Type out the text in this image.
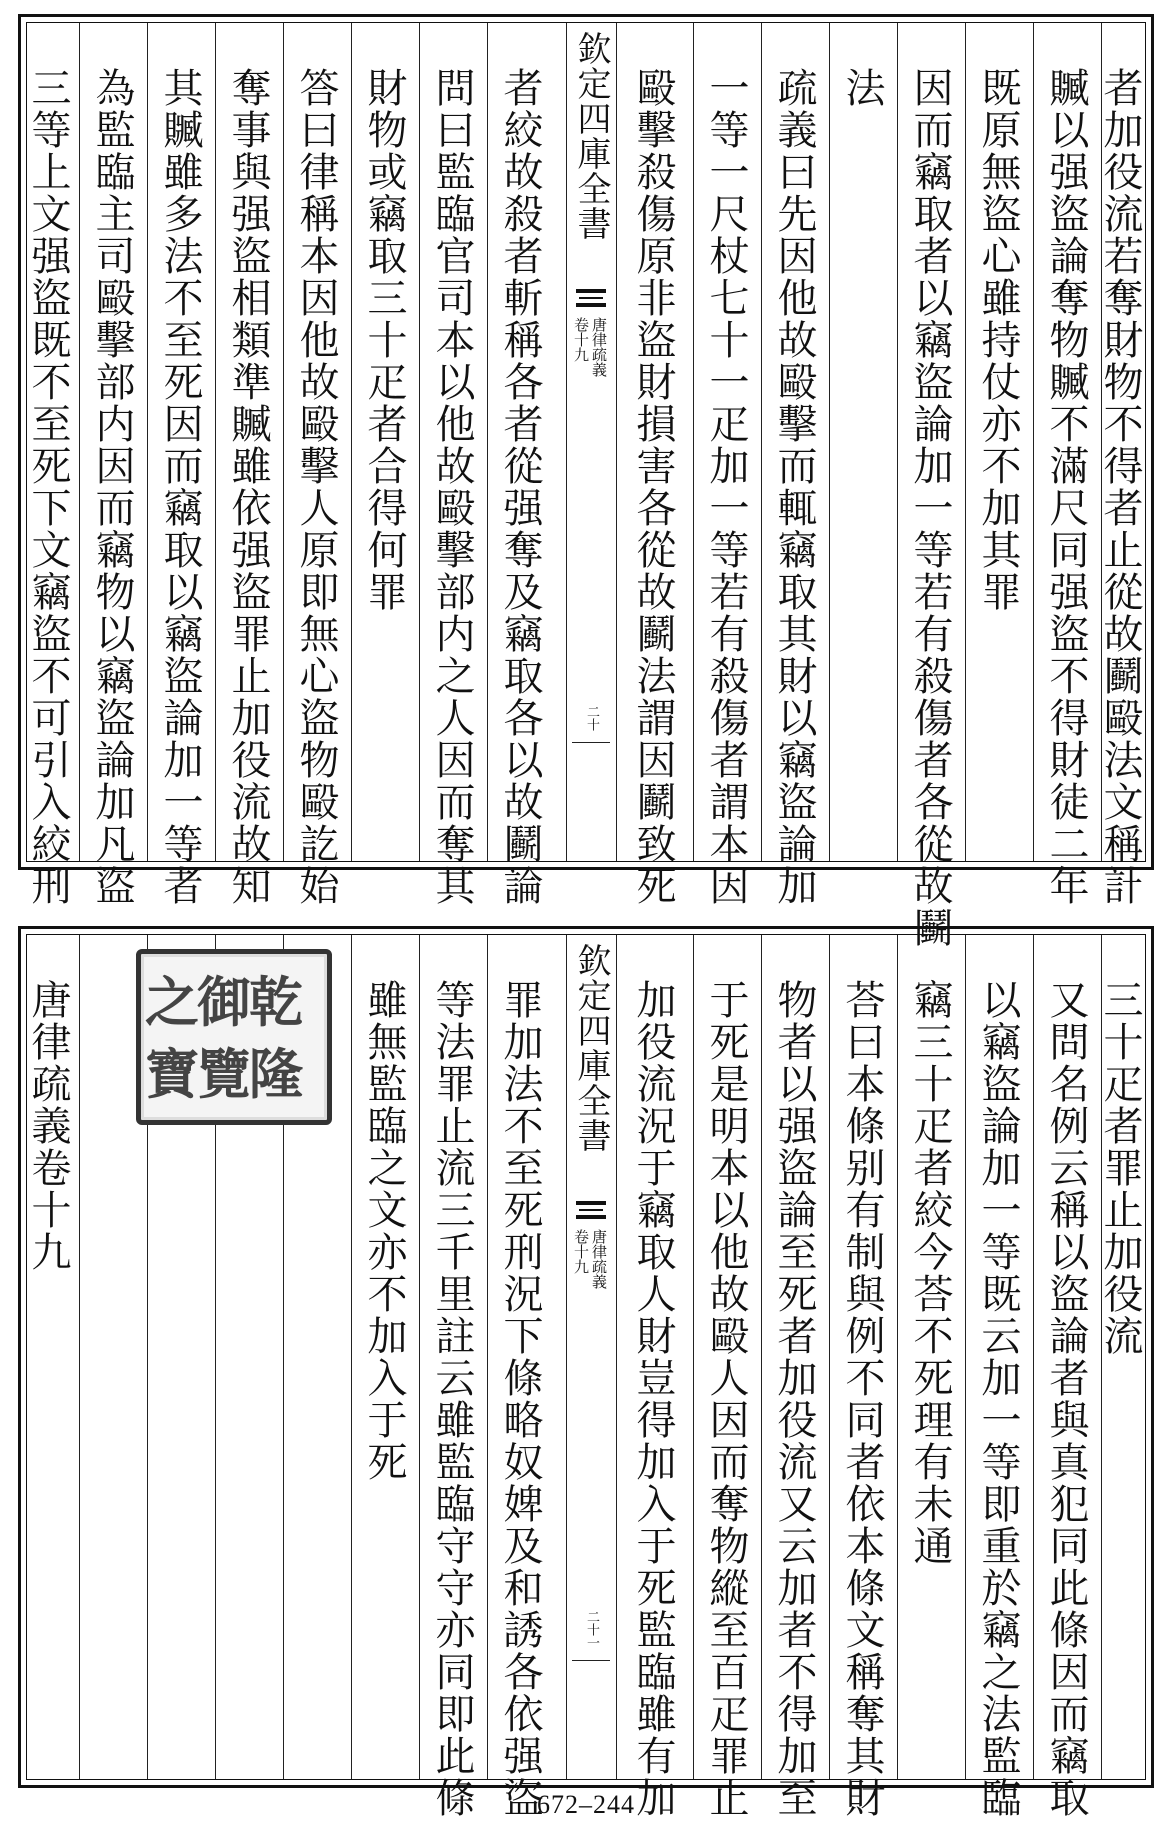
者加役流若奪財物不得者止從故鬬毆法文稱計
贓以强盜論奪物贓不滿尺同强盜不得財徒二年
既原無盜心雖持仗亦不加其罪
因而竊取者以竊盜論加一等若有殺傷者各從故鬬
法
疏義曰先因他故毆擊而輒竊取其財以竊盜論加
一等一尺杖七十一疋加一等若有殺傷者謂本因
毆擊殺傷原非盜財損害各從故鬬法謂因鬬致死
欽定四庫全書
唐律疏義
卷十九
二十
者絞故殺者斬稱各者從强奪及竊取各以故鬬論
問曰監臨官司本以他故毆擊部内之人因而奪其
財物或竊取三十疋者合得何罪
答曰律稱本因他故毆擊人原即無心盜物毆訖始
奪事與强盜相類準贓雖依强盜罪止加役流故知
其贓雖多法不至死因而竊取以竊盜論加一等者
為監臨主司毆擊部内因而竊物以竊盜論加凡盜
三等上文强盜既不至死下文竊盜不可引入絞刑
三十疋者罪止加役流
又問名例云稱以盜論者與真犯同此條因而竊取
以竊盜論加一等既云加一等即重於竊之法監臨
竊三十疋者絞今荅不死理有未通
荅曰本條别有制與例不同者依本條文稱奪其財
物者以强盜論至死者加役流又云加者不得加至
于死是明本以他故毆人因而奪物縱至百疋罪止
加役流況于竊取人財豈得加入于死監臨雖有加
欽定四庫全書
唐律疏義
卷十九
二十一
罪加法不至死刑況下條略奴婢及和誘各依强盜
等法罪止流三千里註云雖監臨守守亦同即此條
雖無監臨之文亦不加入于死
乾
隆
御
覽
之
寶
唐律疏義卷十九
672–244
